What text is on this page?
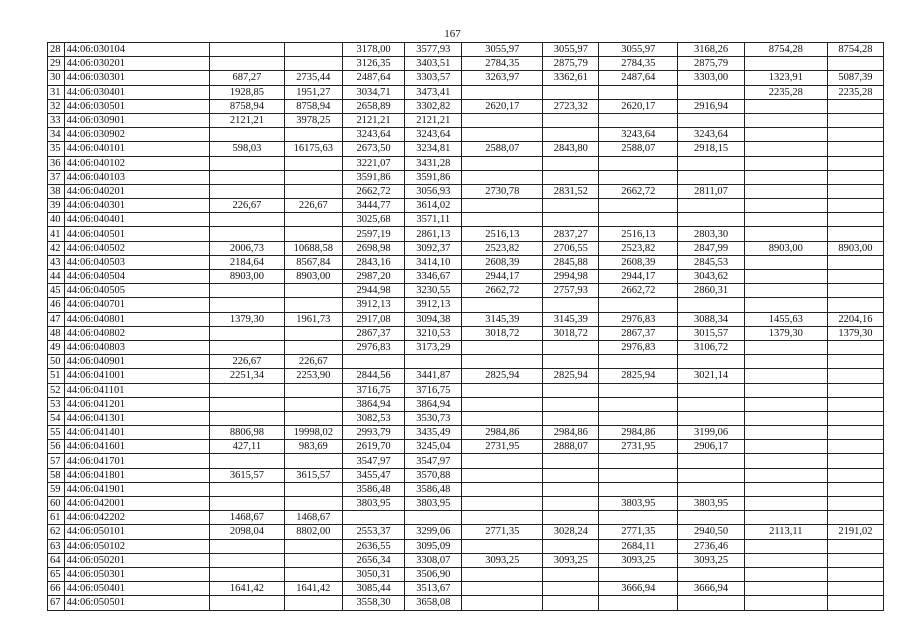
167
28	44:06:030104			3178,00	3577,93	3055,97	3055,97	3055,97	3168,26	8754,28	8754,28
29	44:06:030201			3126,35	3403,51	2784,35	2875,79	2784,35	2875,79		
30	44:06:030301	687,27	2735,44	2487,64	3303,57	3263,97	3362,61	2487,64	3303,00	1323,91	5087,39
31	44:06:030401	1928,85	1951,27	3034,71	3473,41					2235,28	2235,28
32	44:06:030501	8758,94	8758,94	2658,89	3302,82	2620,17	2723,32	2620,17	2916,94		
33	44:06:030901	2121,21	3978,25	2121,21	2121,21						
34	44:06:030902			3243,64	3243,64			3243,64	3243,64		
35	44:06:040101	598,03	16175,63	2673,50	3234,81	2588,07	2843,80	2588,07	2918,15		
36	44:06:040102			3221,07	3431,28						
37	44:06:040103			3591,86	3591,86						
38	44:06:040201			2662,72	3056,93	2730,78	2831,52	2662,72	2811,07		
39	44:06:040301	226,67	226,67	3444,77	3614,02						
40	44:06:040401			3025,68	3571,11						
41	44:06:040501			2597,19	2861,13	2516,13	2837,27	2516,13	2803,30		
42	44:06:040502	2006,73	10688,58	2698,98	3092,37	2523,82	2706,55	2523,82	2847,99	8903,00	8903,00
43	44:06:040503	2184,64	8567,84	2843,16	3414,10	2608,39	2845,88	2608,39	2845,53		
44	44:06:040504	8903,00	8903,00	2987,20	3346,67	2944,17	2994,98	2944,17	3043,62		
45	44:06:040505			2944,98	3230,55	2662,72	2757,93	2662,72	2860,31		
46	44:06:040701			3912,13	3912,13						
47	44:06:040801	1379,30	1961,73	2917,08	3094,38	3145,39	3145,39	2976,83	3088,34	1455,63	2204,16
48	44:06:040802			2867,37	3210,53	3018,72	3018,72	2867,37	3015,57	1379,30	1379,30
49	44:06:040803			2976,83	3173,29			2976,83	3106,72		
50	44:06:040901	226,67	226,67								
51	44:06:041001	2251,34	2253,90	2844,56	3441,87	2825,94	2825,94	2825,94	3021,14		
52	44:06:041101			3716,75	3716,75						
53	44:06:041201			3864,94	3864,94						
54	44:06:041301			3082,53	3530,73						
55	44:06:041401	8806,98	19998,02	2993,79	3435,49	2984,86	2984,86	2984,86	3199,06		
56	44:06:041601	427,11	983,69	2619,70	3245,04	2731,95	2888,07	2731,95	2906,17		
57	44:06:041701			3547,97	3547,97						
58	44:06:041801	3615,57	3615,57	3455,47	3570,88						
59	44:06:041901			3586,48	3586,48						
60	44:06:042001			3803,95	3803,95			3803,95	3803,95		
61	44:06:042202	1468,67	1468,67								
62	44:06:050101	2098,04	8802,00	2553,37	3299,06	2771,35	3028,24	2771,35	2940,50	2113,11	2191,02
63	44:06:050102			2636,55	3095,09			2684,11	2736,46		
64	44:06:050201			2656,34	3308,07	3093,25	3093,25	3093,25	3093,25		
65	44:06:050301			3050,31	3506,90						
66	44:06:050401	1641,42	1641,42	3085,44	3513,67			3666,94	3666,94		
67	44:06:050501			3558,30	3658,08						
